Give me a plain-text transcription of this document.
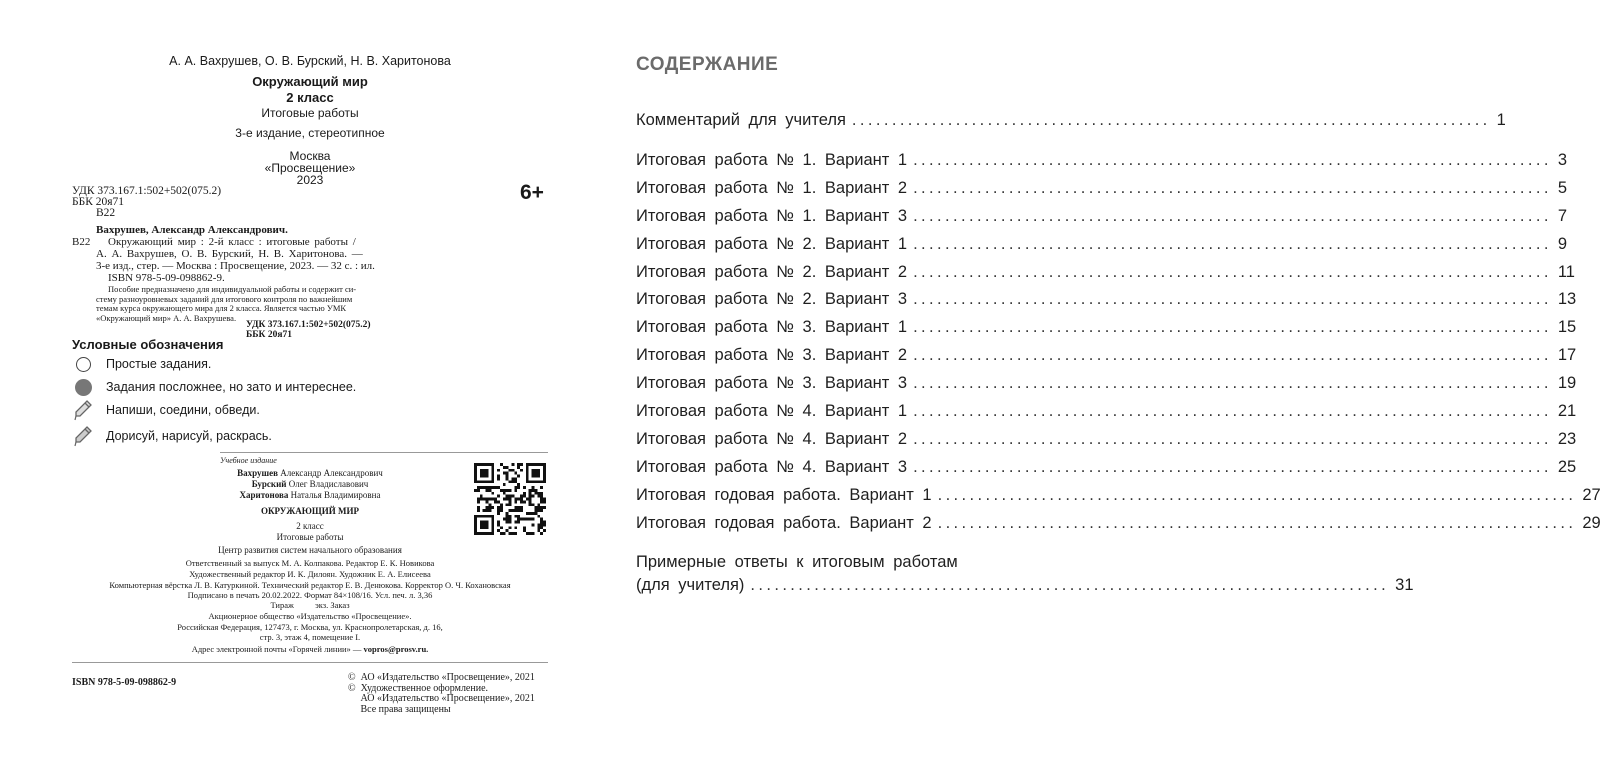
А. А. Вахрушев, О. В. Бурский, Н. В. Харитонова
Окружающий мир
2 класс
Итоговые работы
3-е издание, стереотипное
Москва
«Просвещение»
2023
УДК 373.167.1:502+502(075.2)
ББК 20я71
В22
6+
Вахрушев, Александр Александрович.
В22 Окружающий мир : 2-й класс : итоговые работы /
А. А. Вахрушев, О. В. Бурский, Н. В. Харитонова. —
3-е изд., стер. — Москва : Просвещение, 2023. — 32 с. : ил.
ISBN 978-5-09-098862-9.
Пособие предназначено для индивидуальной работы и содержит си-
стему разноуровневых заданий для итогового контроля по важнейшим
темам курса окружающего мира для 2 класса. Является частью УМК
«Окружающий мир» А. А. Вахрушева.
УДК 373.167.1:502+502(075.2)
ББК 20я71
Условные обозначения
Простые задания.
Задания посложнее, но зато и интереснее.
Напиши, соедини, обведи.
Дорисуй, нарисуй, раскрась.
Учебное издание
Вахрушев Александр Александрович
Бурский Олег Владиславович
Харитонова Наталья Владимировна
ОКРУЖАЮЩИЙ МИР
2 класс
Итоговые работы
Центр развития систем начального образования
Ответственный за выпуск М. А. Колпакова. Редактор Е. К. Новикова
Художественный редактор И. К. Дилоян. Художник Е. А. Елисеева
Компьютерная вёрстка Л. В. Катуркиной. Технический редактор Е. В. Денюкова. Корректор О. Ч. Кохановская
Подписано в печать 20.02.2022. Формат 84×108/16. Усл. печ. л. 3,36
Тираж          экз. Заказ
Акционерное общество «Издательство «Просвещение».
Российская Федерация, 127473, г. Москва, ул. Краснопролетарская, д. 16,
стр. 3, этаж 4, помещение I.
Адрес электронной почты «Горячей линии» — vopros@prosv.ru.
ISBN 978-5-09-098862-9	©  АО «Издательство «Просвещение», 2021
©  Художественное оформление.
АО «Издательство «Просвещение», 2021
Все права защищены
СОДЕРЖАНИЕ
Комментарий для учителя ................................................................................ 1
Итоговая работа № 1. Вариант 1 ................................................................................ 3
Итоговая работа № 1. Вариант 2 ................................................................................ 5
Итоговая работа № 1. Вариант 3 ................................................................................ 7
Итоговая работа № 2. Вариант 1 ................................................................................ 9
Итоговая работа № 2. Вариант 2 ................................................................................ 11
Итоговая работа № 2. Вариант 3 ................................................................................ 13
Итоговая работа № 3. Вариант 1 ................................................................................ 15
Итоговая работа № 3. Вариант 2 ................................................................................ 17
Итоговая работа № 3. Вариант 3 ................................................................................ 19
Итоговая работа № 4. Вариант 1 ................................................................................ 21
Итоговая работа № 4. Вариант 2 ................................................................................ 23
Итоговая работа № 4. Вариант 3 ................................................................................ 25
Итоговая годовая работа. Вариант 1 ................................................................................ 27
Итоговая годовая работа. Вариант 2 ................................................................................ 29
Примерные ответы к итоговым работам
(для учителя) ................................................................................ 31
